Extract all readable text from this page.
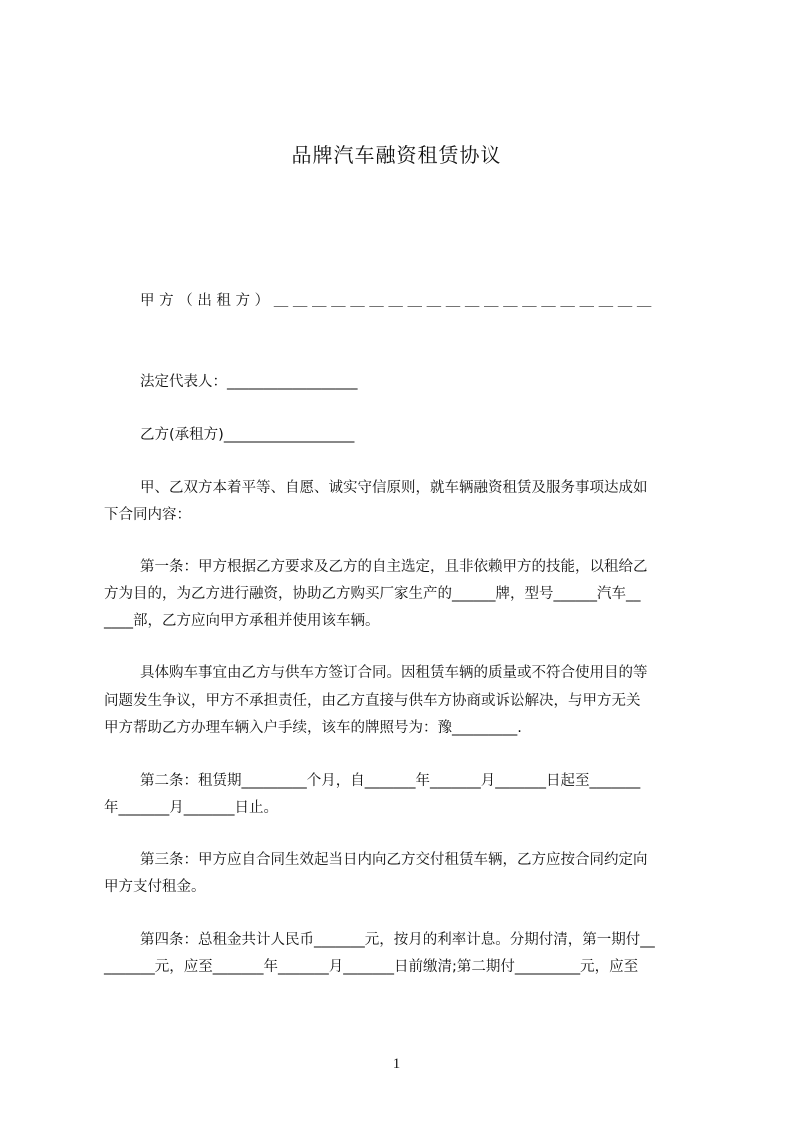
品牌汽车融资租赁协议
甲 方 （ 出 租 方 ） ＿ ＿ ＿ ＿ ＿ ＿ ＿ ＿ ＿ ＿ ＿ ＿ ＿ ＿ ＿ ＿ ＿ ＿ ＿ ＿
法定代表人：__________________
乙方(承租方)__________________
甲、乙双方本着平等、自愿、诚实守信原则，就车辆融资租赁及服务事项达成如
下合同内容：
第一条：甲方根据乙方要求及乙方的自主选定，且非依赖甲方的技能，以租给乙
方为目的，为乙方进行融资，协助乙方购买厂家生产的______牌，型号______汽车__
____部，乙方应向甲方承租并使用该车辆。
具体购车事宜由乙方与供车方签订合同。因租赁车辆的质量或不符合使用目的等
问题发生争议，甲方不承担责任，由乙方直接与供车方协商或诉讼解决，与甲方无关
甲方帮助乙方办理车辆入户手续，该车的牌照号为：豫_________.
第二条：租赁期_________个月，自_______年_______月_______日起至_______
年_______月_______日止。
第三条：甲方应自合同生效起当日内向乙方交付租赁车辆，乙方应按合同约定向
甲方支付租金。
第四条：总租金共计人民币_______元，按月的利率计息。分期付清，第一期付__
_______元，应至_______年_______月_______日前缴清;第二期付_________元，应至
1
